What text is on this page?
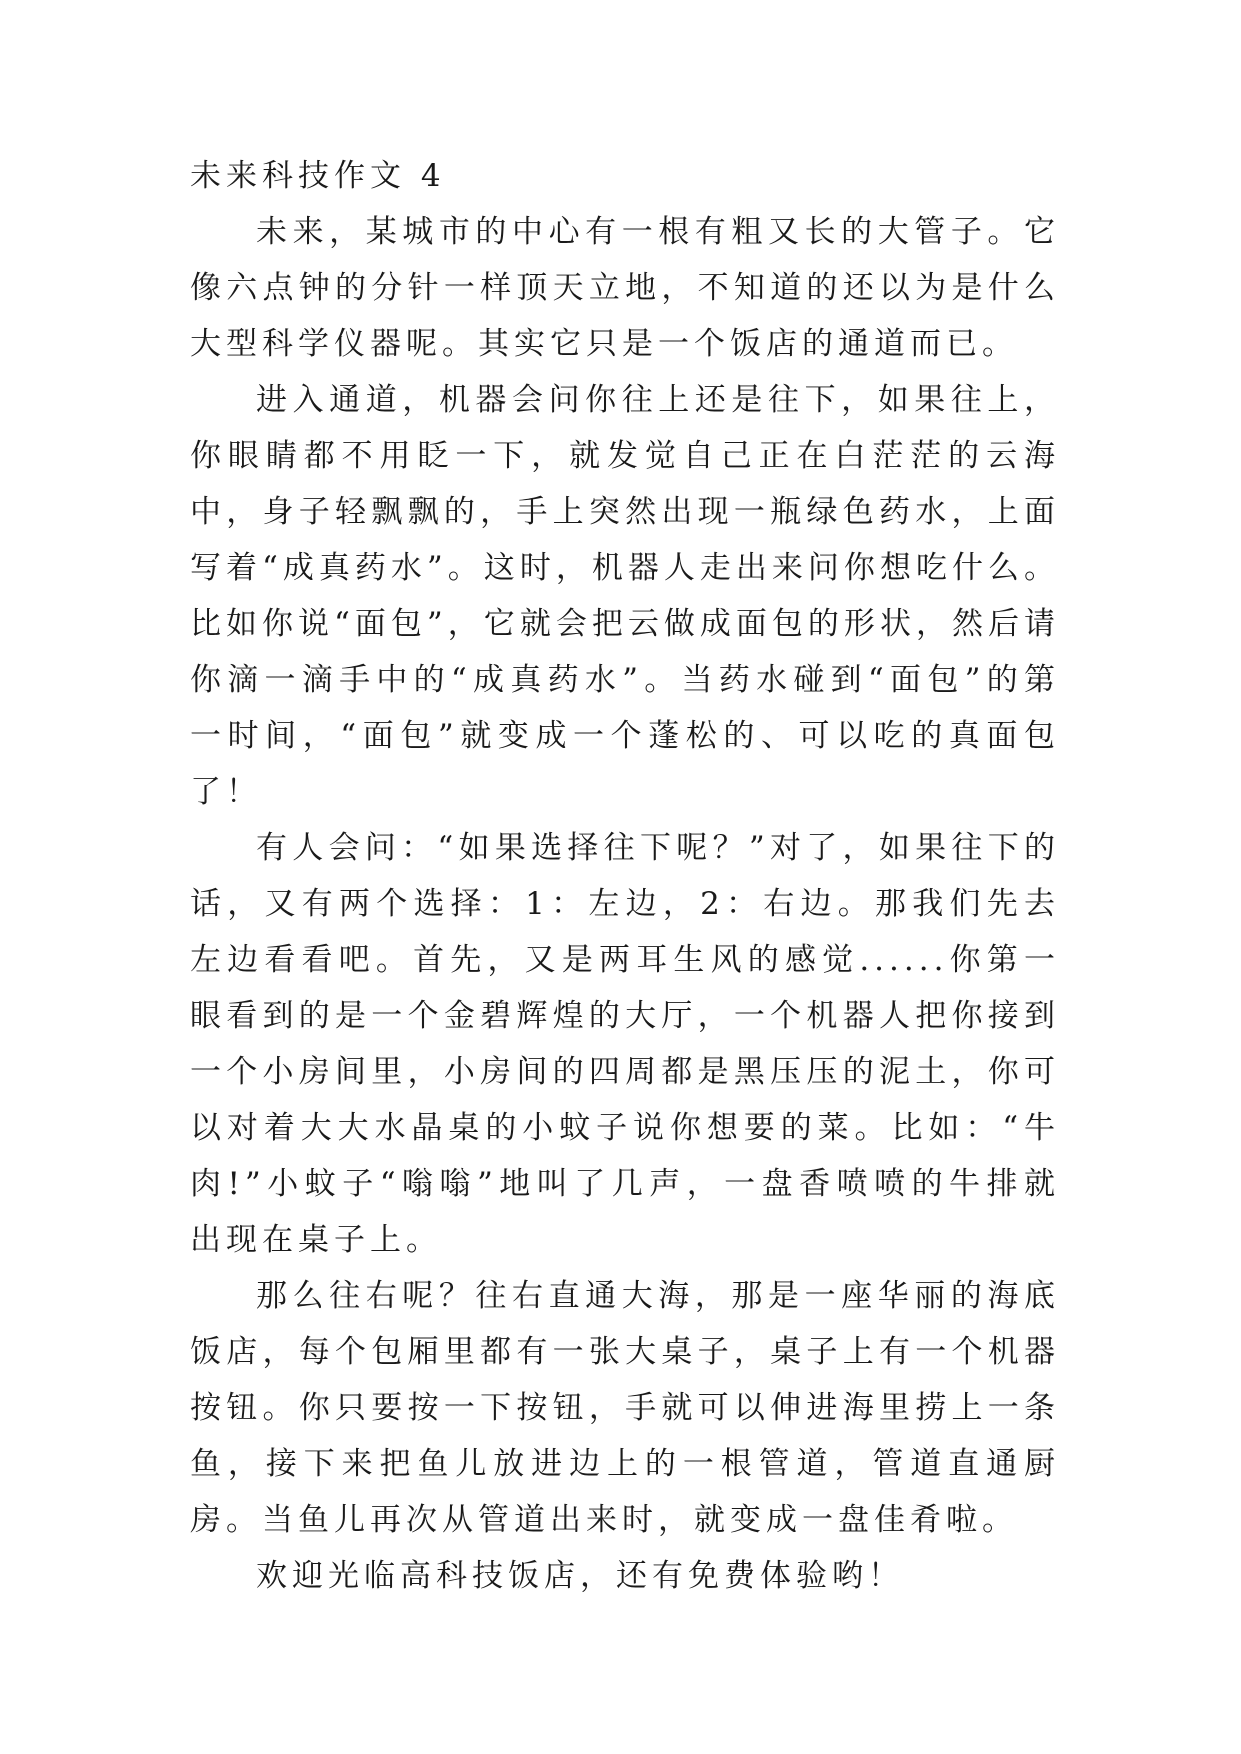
未来科技作文 4

未来，某城市的中心有一根有粗又长的大管子。它像六点钟的分针一样顶天立地，不知道的还以为是什么大型科学仪器呢。其实它只是一个饭店的通道而已。

进入通道，机器会问你往上还是往下，如果往上，你眼睛都不用眨一下，就发觉自己正在白茫茫的云海中，身子轻飘飘的，手上突然出现一瓶绿色药水，上面写着“成真药水”。这时，机器人走出来问你想吃什么。比如你说“面包”，它就会把云做成面包的形状，然后请你滴一滴手中的“成真药水”。当药水碰到“面包”的第一时间，“面包”就变成一个蓬松的、可以吃的真面包了！

有人会问：“如果选择往下呢？”对了，如果往下的话，又有两个选择：1：左边，2：右边。那我们先去左边看看吧。首先，又是两耳生风的感觉......你第一眼看到的是一个金碧辉煌的大厅，一个机器人把你接到一个小房间里，小房间的四周都是黑压压的泥土，你可以对着大大水晶桌的小蚊子说你想要的菜。比如：“牛肉!”小蚊子“嗡嗡”地叫了几声，一盘香喷喷的牛排就出现在桌子上。

那么往右呢？往右直通大海，那是一座华丽的海底饭店，每个包厢里都有一张大桌子，桌子上有一个机器按钮。你只要按一下按钮，手就可以伸进海里捞上一条鱼，接下来把鱼儿放进边上的一根管道，管道直通厨房。当鱼儿再次从管道出来时，就变成一盘佳肴啦。

欢迎光临高科技饭店，还有免费体验哟！
